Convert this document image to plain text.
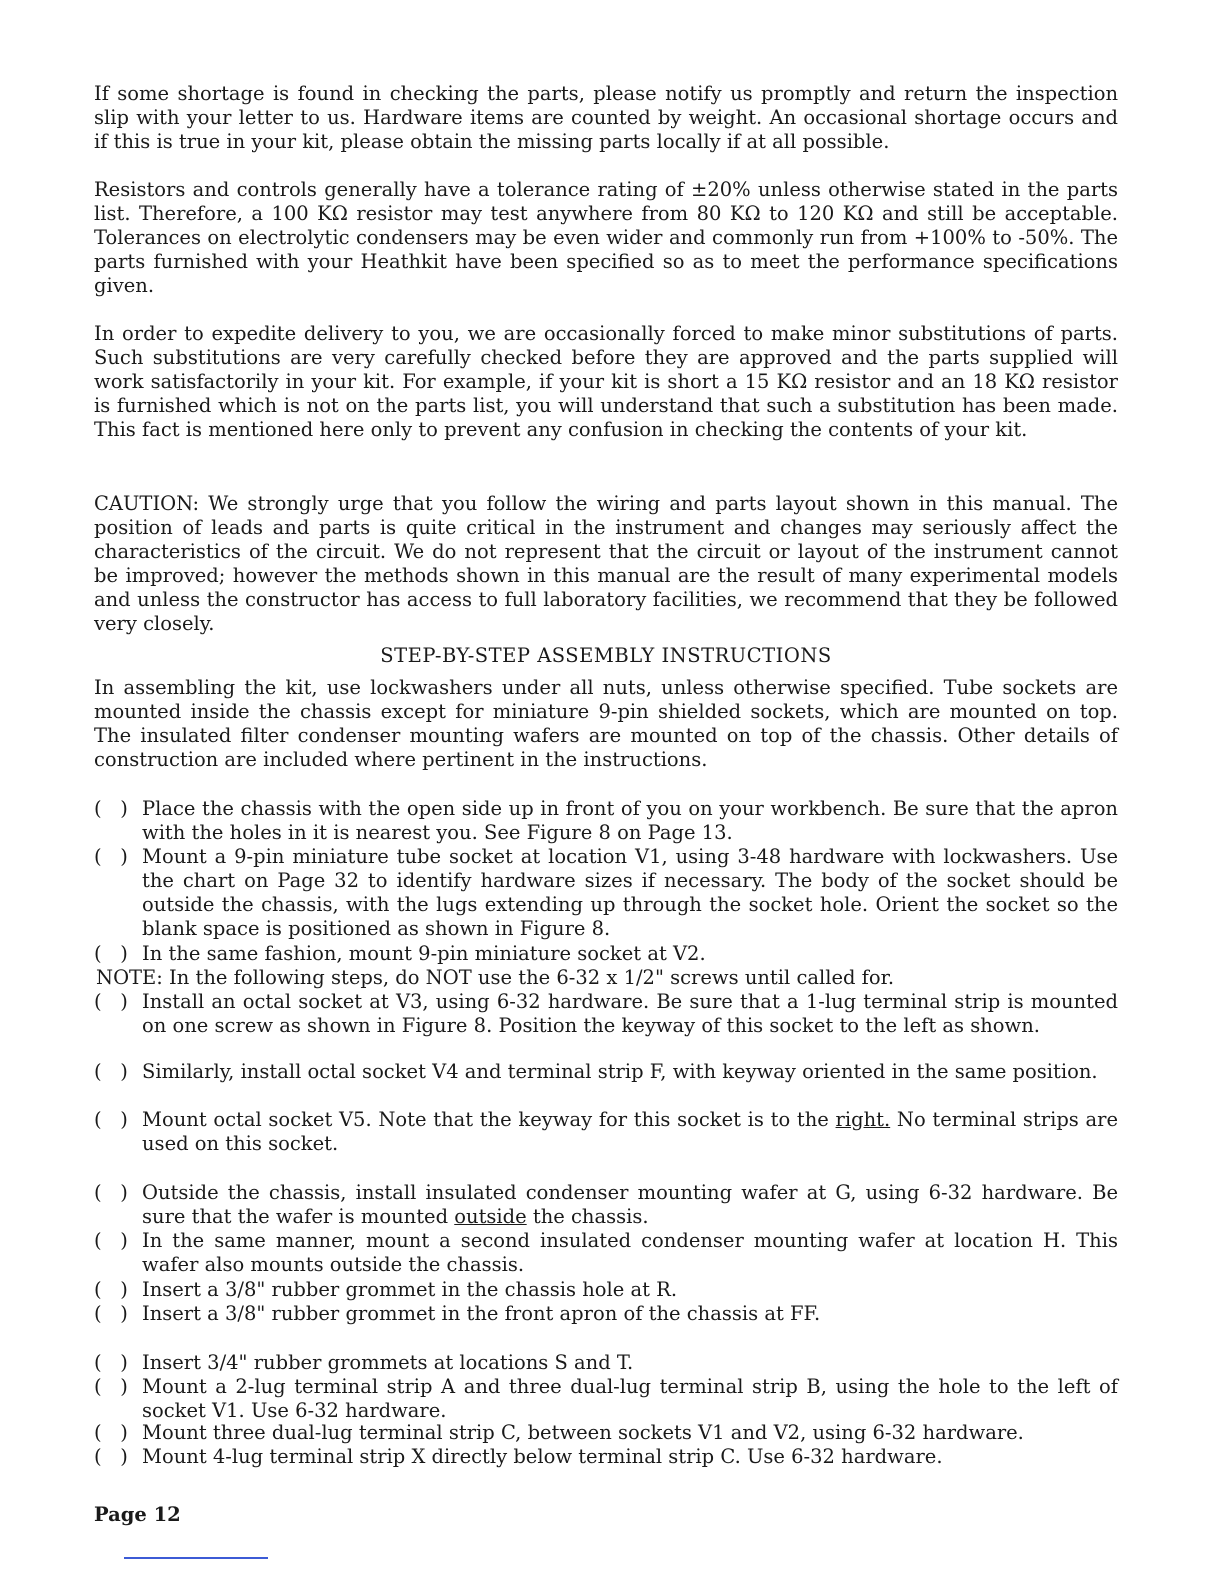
If some shortage is found in checking the parts, please notify us promptly and return the inspection slip with your letter to us. Hardware items are counted by weight. An occasional shortage occurs and if this is true in your kit, please obtain the missing parts locally if at all possible.

Resistors and controls generally have a tolerance rating of ±20% unless otherwise stated in the parts list. Therefore, a 100 KΩ resistor may test anywhere from 80 KΩ to 120 KΩ and still be acceptable. Tolerances on electrolytic condensers may be even wider and commonly run from +100% to -50%. The parts furnished with your Heathkit have been specified so as to meet the performance specifications given.

In order to expedite delivery to you, we are occasionally forced to make minor substitutions of parts. Such substitutions are very carefully checked before they are approved and the parts supplied will work satisfactorily in your kit. For example, if your kit is short a 15 KΩ resistor and an 18 KΩ resistor is furnished which is not on the parts list, you will understand that such a substitution has been made. This fact is mentioned here only to prevent any confusion in checking the contents of your kit.

CAUTION: We strongly urge that you follow the wiring and parts layout shown in this manual. The position of leads and parts is quite critical in the instrument and changes may seriously affect the characteristics of the circuit. We do not represent that the circuit or layout of the instrument cannot be improved; however the methods shown in this manual are the result of many experimental models and unless the constructor has access to full laboratory facilities, we recommend that they be followed very closely.

STEP-BY-STEP ASSEMBLY INSTRUCTIONS

In assembling the kit, use lockwashers under all nuts, unless otherwise specified. Tube sockets are mounted inside the chassis except for miniature 9-pin shielded sockets, which are mounted on top. The insulated filter condenser mounting wafers are mounted on top of the chassis. Other details of construction are included where pertinent in the instructions.

(   ) Place the chassis with the open side up in front of you on your workbench. Be sure that the apron with the holes in it is nearest you. See Figure 8 on Page 13.
(   ) Mount a 9-pin miniature tube socket at location V1, using 3-48 hardware with lockwashers. Use the chart on Page 32 to identify hardware sizes if necessary. The body of the socket should be outside the chassis, with the lugs extending up through the socket hole. Orient the socket so the blank space is positioned as shown in Figure 8.
(   ) In the same fashion, mount 9-pin miniature socket at V2.
NOTE: In the following steps, do NOT use the 6-32 x 1/2" screws until called for.
(   ) Install an octal socket at V3, using 6-32 hardware. Be sure that a 1-lug terminal strip is mounted on one screw as shown in Figure 8. Position the keyway of this socket to the left as shown.
(   ) Similarly, install octal socket V4 and terminal strip F, with keyway oriented in the same position.
(   ) Mount octal socket V5. Note that the keyway for this socket is to the right. No terminal strips are used on this socket.
(   ) Outside the chassis, install insulated condenser mounting wafer at G, using 6-32 hardware. Be sure that the wafer is mounted outside the chassis.
(   ) In the same manner, mount a second insulated condenser mounting wafer at location H. This wafer also mounts outside the chassis.
(   ) Insert a 3/8" rubber grommet in the chassis hole at R.
(   ) Insert a 3/8" rubber grommet in the front apron of the chassis at FF.
(   ) Insert 3/4" rubber grommets at locations S and T.
(   ) Mount a 2-lug terminal strip A and three dual-lug terminal strip B, using the hole to the left of socket V1. Use 6-32 hardware.
(   ) Mount three dual-lug terminal strip C, between sockets V1 and V2, using 6-32 hardware.
(   ) Mount 4-lug terminal strip X directly below terminal strip C. Use 6-32 hardware.
Page 12
